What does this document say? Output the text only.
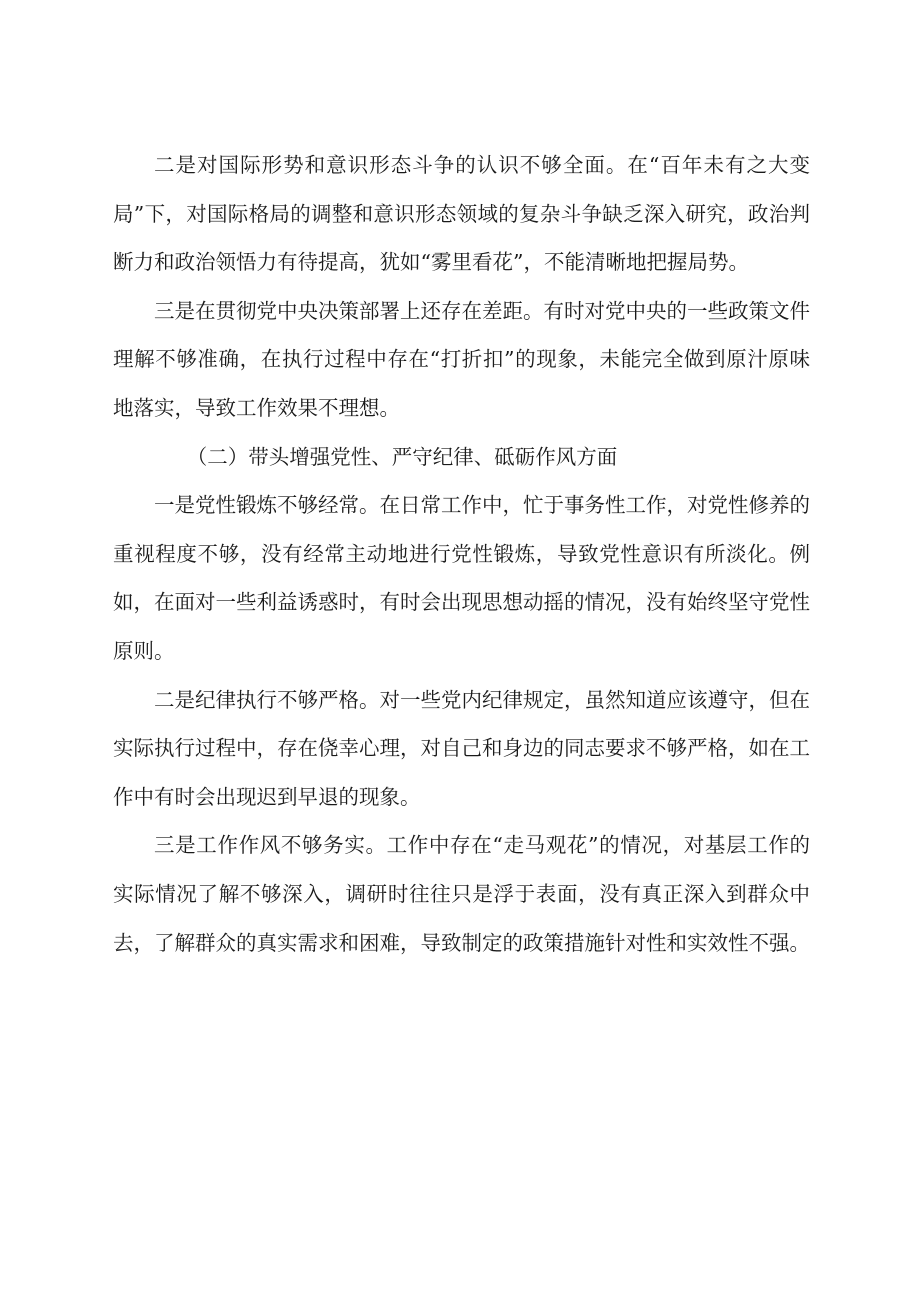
二是对国际形势和意识形态斗争的认识不够全面。在“百年未有之大变局”下，对国际格局的调整和意识形态领域的复杂斗争缺乏深入研究，政治判断力和政治领悟力有待提高，犹如“雾里看花”，不能清晰地把握局势。

三是在贯彻党中央决策部署上还存在差距。有时对党中央的一些政策文件理解不够准确，在执行过程中存在“打折扣”的现象，未能完全做到原汁原味地落实，导致工作效果不理想。

（二）带头增强党性、严守纪律、砥砺作风方面

一是党性锻炼不够经常。在日常工作中，忙于事务性工作，对党性修养的重视程度不够，没有经常主动地进行党性锻炼，导致党性意识有所淡化。例如，在面对一些利益诱惑时，有时会出现思想动摇的情况，没有始终坚守党性原则。

二是纪律执行不够严格。对一些党内纪律规定，虽然知道应该遵守，但在实际执行过程中，存在侥幸心理，对自己和身边的同志要求不够严格，如在工作中有时会出现迟到早退的现象。

三是工作作风不够务实。工作中存在“走马观花”的情况，对基层工作的实际情况了解不够深入，调研时往往只是浮于表面，没有真正深入到群众中去，了解群众的真实需求和困难，导致制定的政策措施针对性和实效性不强。
